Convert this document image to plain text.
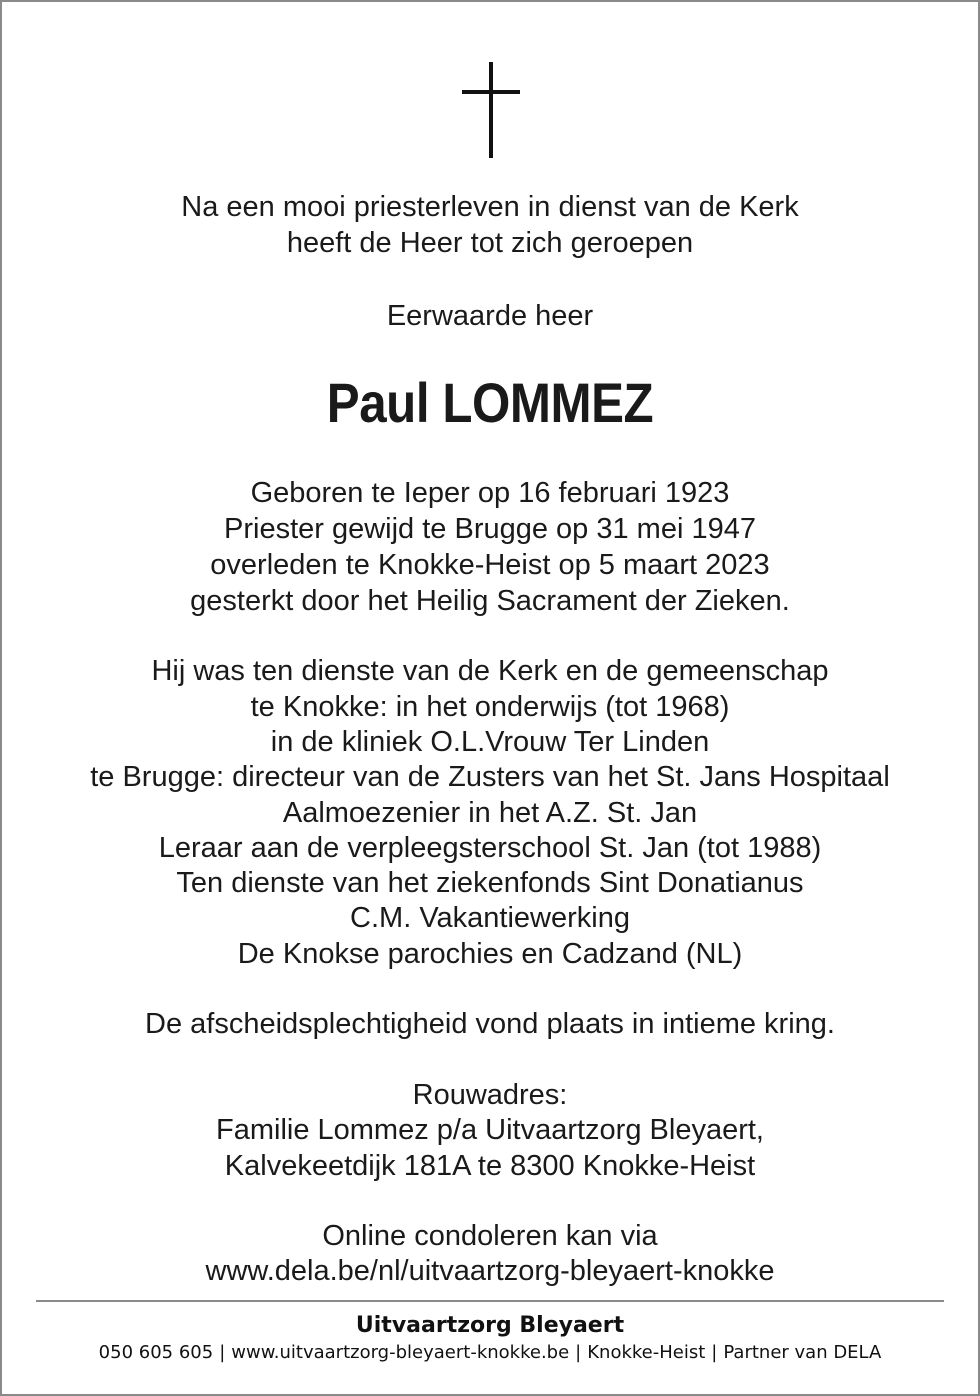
Na een mooi priesterleven in dienst van de Kerk
heeft de Heer tot zich geroepen
Eerwaarde heer
Paul LOMMEZ
Geboren te Ieper op 16 februari 1923
Priester gewijd te Brugge op 31 mei 1947
overleden te Knokke-Heist op 5 maart 2023
gesterkt door het Heilig Sacrament der Zieken.
Hij was ten dienste van de Kerk en de gemeenschap
te Knokke: in het onderwijs (tot 1968)
in de kliniek O.L.Vrouw Ter Linden
te Brugge: directeur van de Zusters van het St. Jans Hospitaal
Aalmoezenier in het A.Z. St. Jan
Leraar aan de verpleegsterschool St. Jan (tot 1988)
Ten dienste van het ziekenfonds Sint Donatianus
C.M. Vakantiewerking
De Knokse parochies en Cadzand (NL)
De afscheidsplechtigheid vond plaats in intieme kring.
Rouwadres:
Familie Lommez p/a Uitvaartzorg Bleyaert,
Kalvekeetdijk 181A te 8300 Knokke-Heist
Online condoleren kan via
www.dela.be/nl/uitvaartzorg-bleyaert-knokke
Uitvaartzorg Bleyaert
050 605 605 | www.uitvaartzorg-bleyaert-knokke.be | Knokke-Heist | Partner van DELA
